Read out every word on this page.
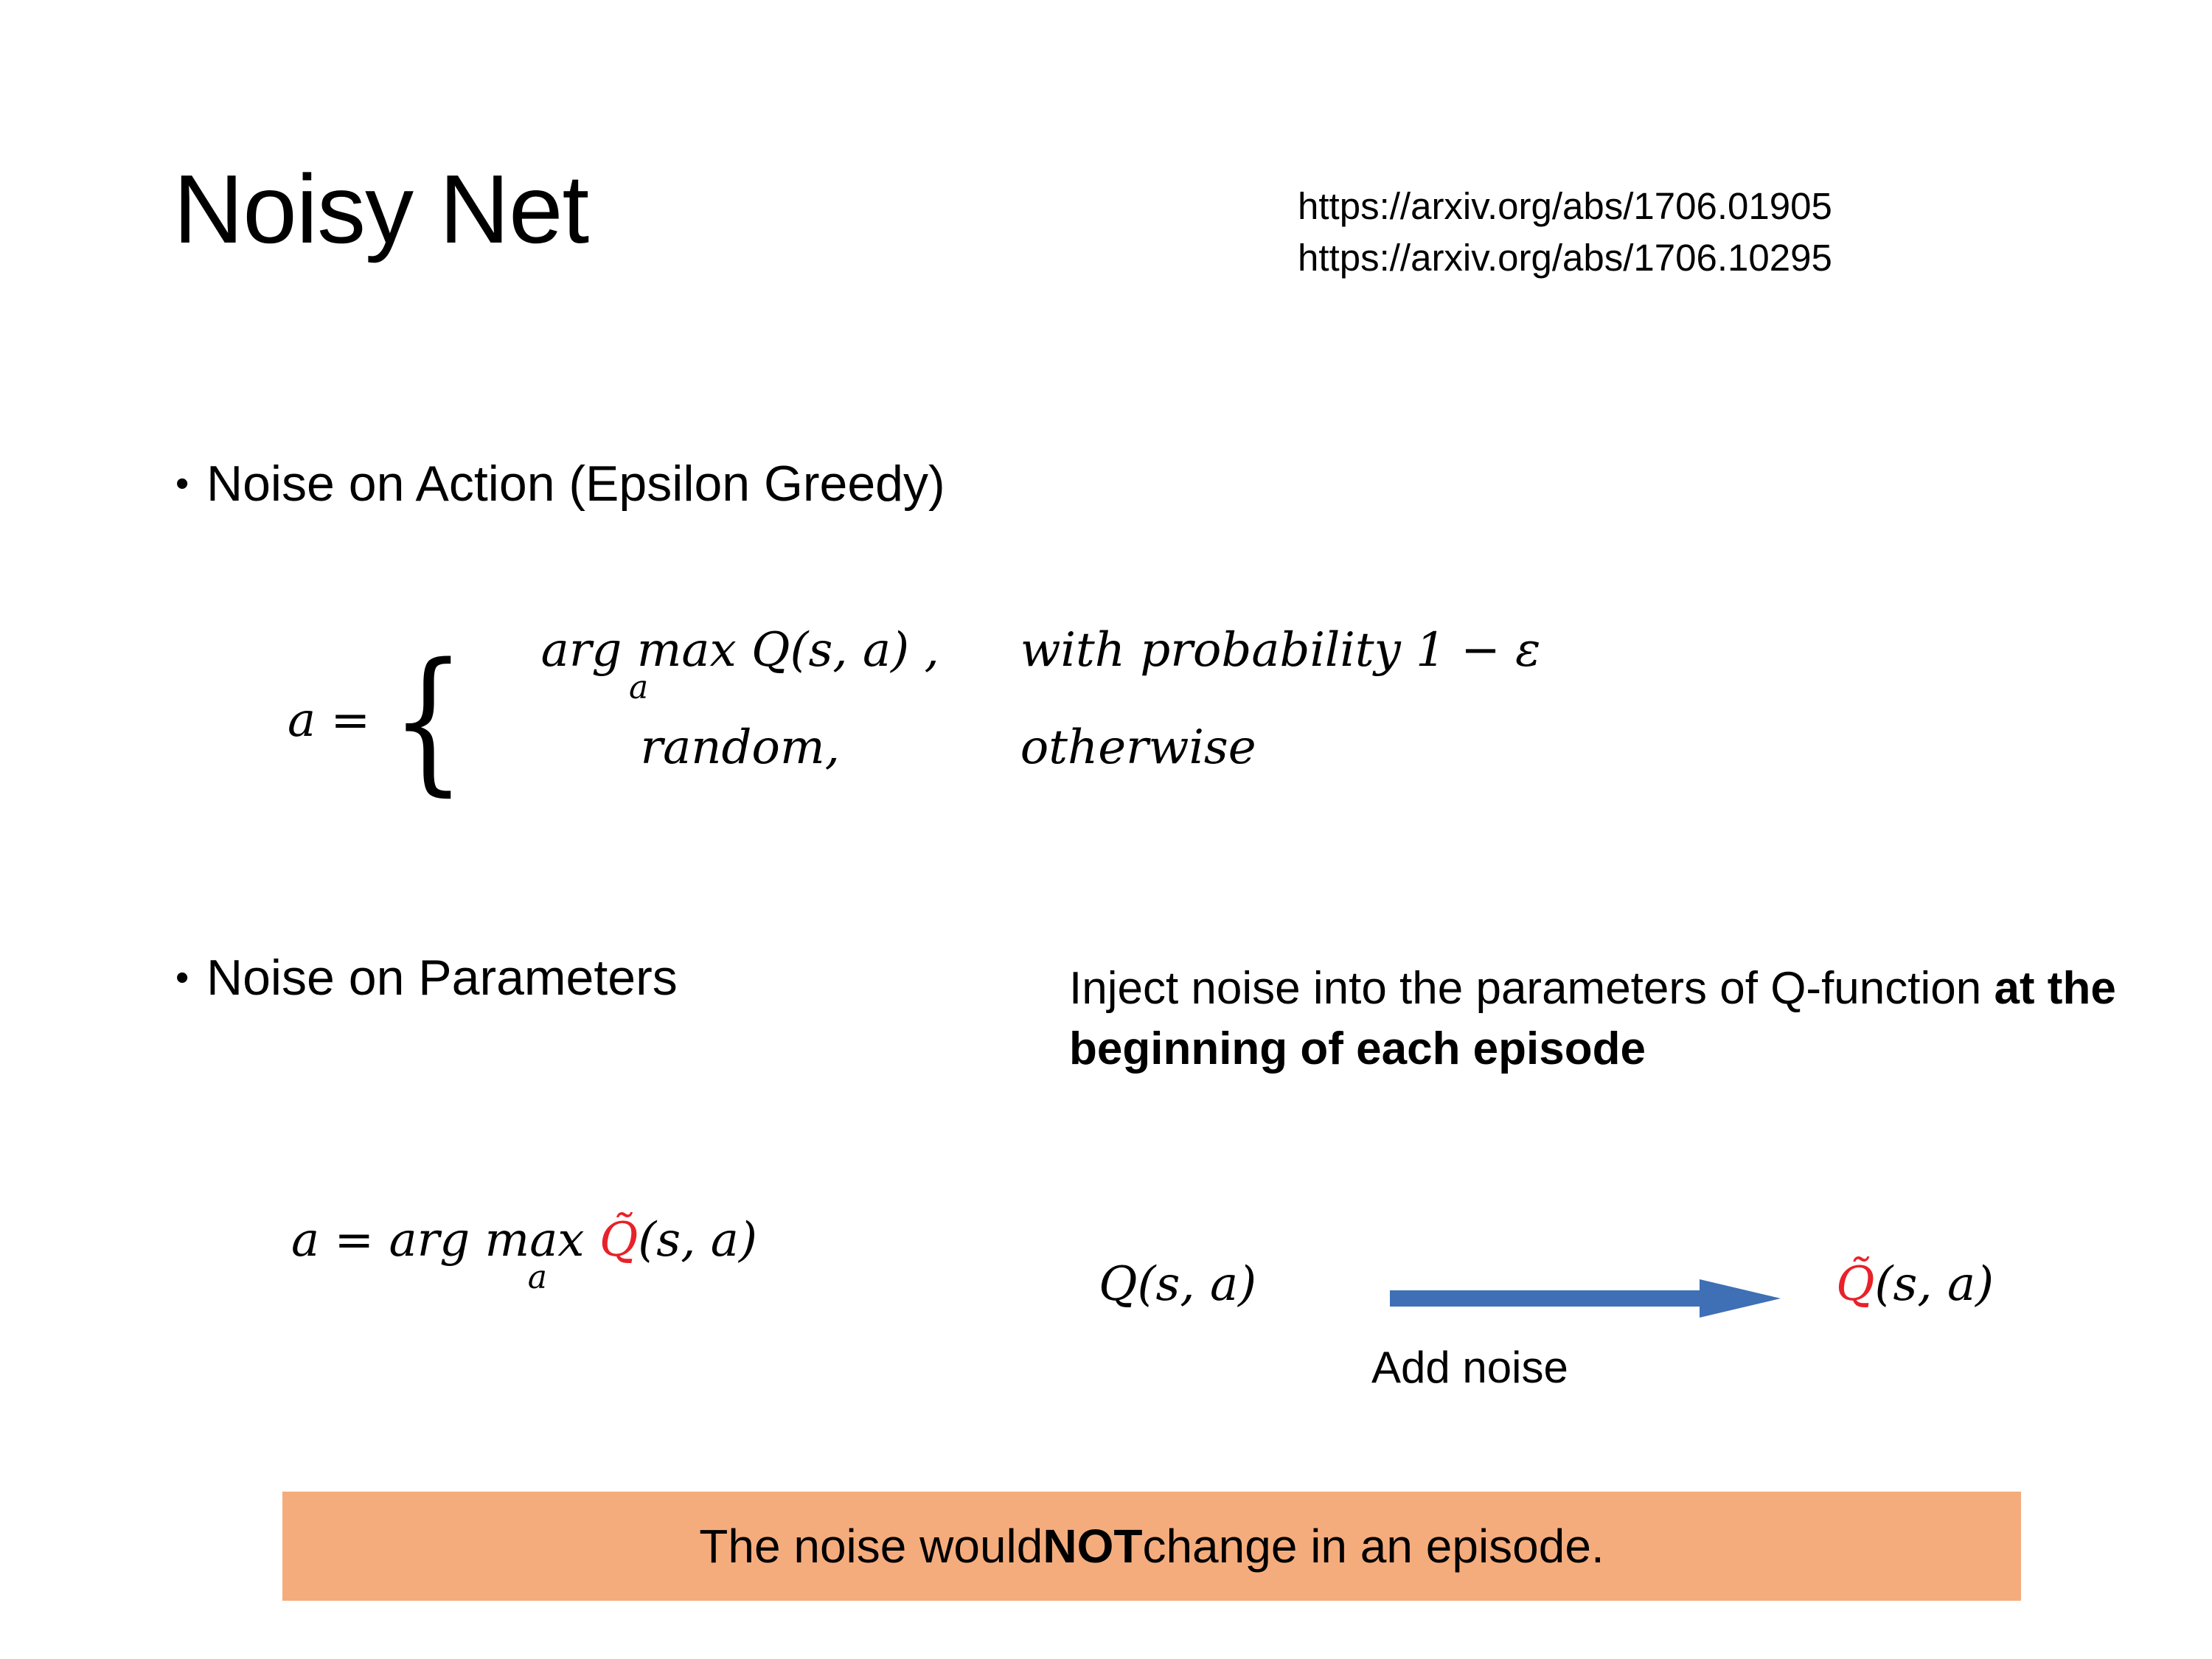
Noisy Net	https://arxiv.org/abs/1706.01905
https://arxiv.org/abs/1706.10295
• Noise on Action (Epsilon Greedy)
a = {	arg max
a
Q(s, a) ,	with probability 1 − ε
random,	otherwise
• Noise on Parameters
a = arg max
a
Q̃(s, a)
Inject noise into the parameters of Q-function at the beginning of each episode
Q(s, a)	Q̃(s, a)
Add noise
The noise would NOT change in an episode.
